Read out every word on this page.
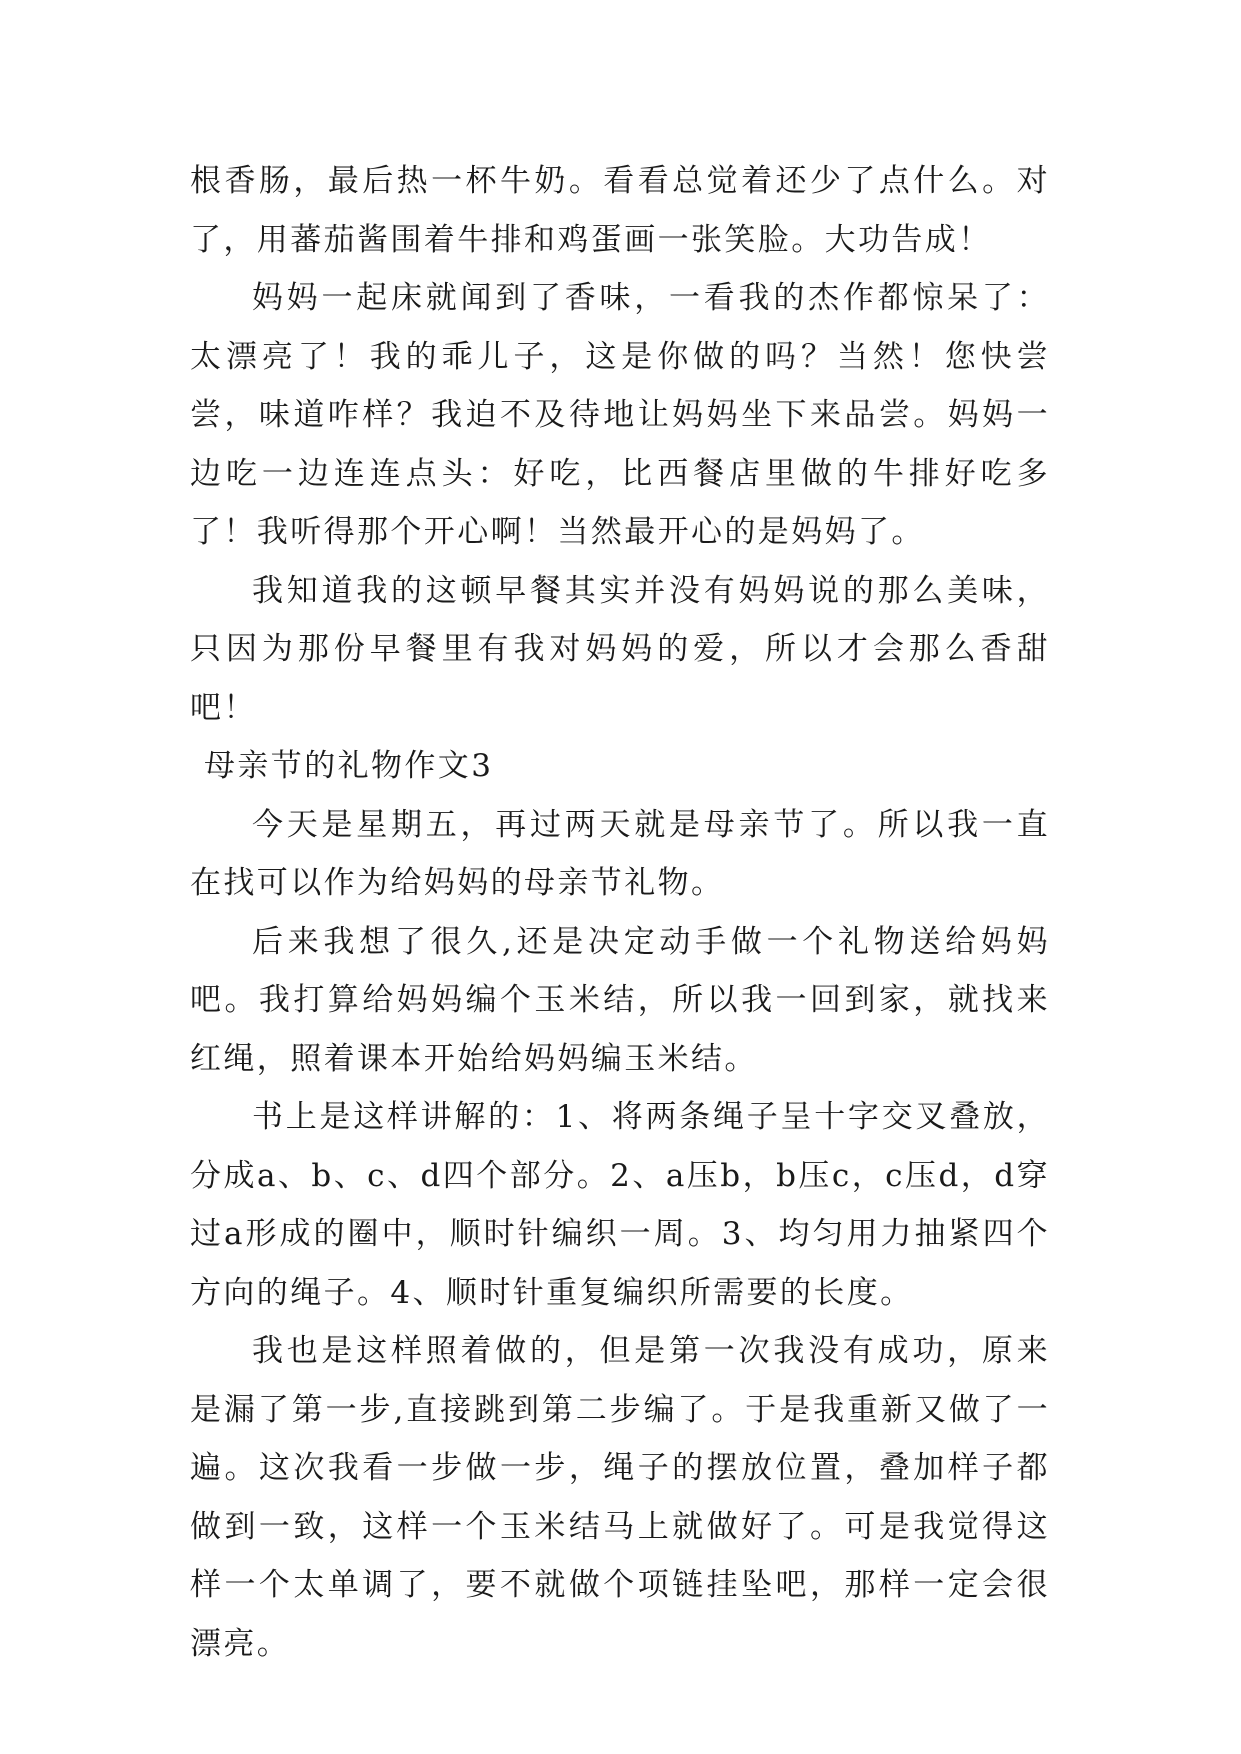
根香肠，最后热一杯牛奶。看看总觉着还少了点什么。对了，用蕃茄酱围着牛排和鸡蛋画一张笑脸。大功告成！

妈妈一起床就闻到了香味，一看我的杰作都惊呆了：太漂亮了！我的乖儿子，这是你做的吗？当然！您快尝尝，味道咋样？我迫不及待地让妈妈坐下来品尝。妈妈一边吃一边连连点头：好吃，比西餐店里做的牛排好吃多了！我听得那个开心啊！当然最开心的是妈妈了。

我知道我的这顿早餐其实并没有妈妈说的那么美味，只因为那份早餐里有我对妈妈的爱，所以才会那么香甜吧！

母亲节的礼物作文3

今天是星期五，再过两天就是母亲节了。所以我一直在找可以作为给妈妈的母亲节礼物。

后来我想了很久,还是决定动手做一个礼物送给妈妈吧。我打算给妈妈编个玉米结，所以我一回到家，就找来红绳，照着课本开始给妈妈编玉米结。

书上是这样讲解的：1、将两条绳子呈十字交叉叠放，分成a、b、c、d四个部分。2、a压b，b压c，c压d，d穿过a形成的圈中，顺时针编织一周。3、均匀用力抽紧四个方向的绳子。4、顺时针重复编织所需要的长度。

我也是这样照着做的，但是第一次我没有成功，原来是漏了第一步,直接跳到第二步编了。于是我重新又做了一遍。这次我看一步做一步，绳子的摆放位置，叠加样子都做到一致，这样一个玉米结马上就做好了。可是我觉得这样一个太单调了，要不就做个项链挂坠吧，那样一定会很漂亮。
